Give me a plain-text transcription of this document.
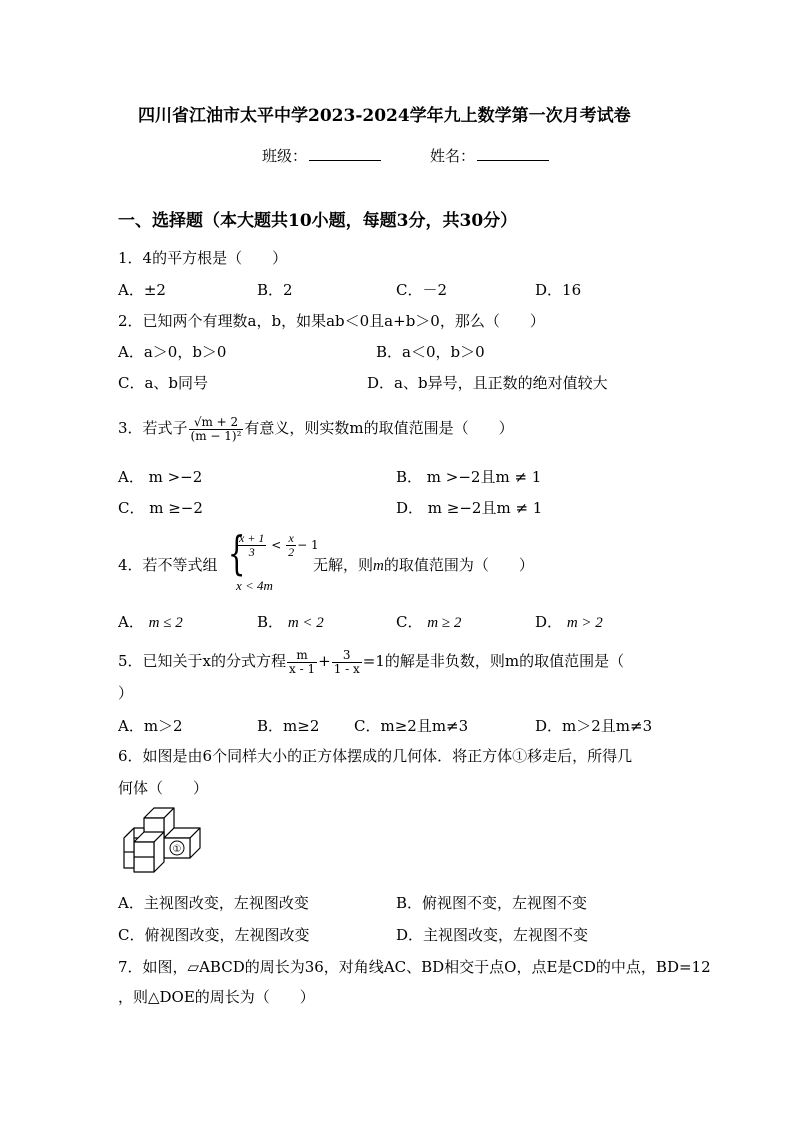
四川省江油市太平中学2023-2024学年九上数学第一次月考试卷
班级：	姓名：
一、选择题（本大题共10小题，每题3分，共30分）
1．4的平方根是（　　）
A．±2	B．2	C．－2	D．16
2．已知两个有理数a，b，如果ab＜0且a+b＞0，那么（　　）
A．a＞0，b＞0	B．a＜0，b＞0
C．a、b同号	D．a、b异号，且正数的绝对值较大
3．若式子 $\frac{√m + 2}{\text{(m − 1)²}}$ 有意义，则实数m的取值范围是（　　）
A． m >−2	B． m >−2且m ≠ 1
C． m ≥−2	D． m ≥−2且m ≠ 1
4．若不等式组 {
$\frac{x + 1}{3} < \frac{x}{2} - 1$
x < 4m
无解，则m的取值范围为（　　）
A． m ≤ 2	B． m < 2	C． m ≥ 2	D． m > 2
5．已知关于x的分式方程 $\frac{m}{x - 1} + \frac{3}{1 - x} =1$的解是非负数，则m的取值范围是（
）
A．m＞2	B．m≥2 C．m≥2且m≠3	D．m＞2且m≠3
6．如图是由6个同样大小的正方体摆成的几何体．将正方体①移走后，所得几
何体（　　）
①
A．主视图改变，左视图改变	B．俯视图不变，左视图不变
C．俯视图改变，左视图改变	D．主视图改变，左视图不变
7．如图，▱ABCD的周长为36，对角线AC、BD相交于点O，点E是CD的中点，BD=12
，则△DOE的周长为（　　）
